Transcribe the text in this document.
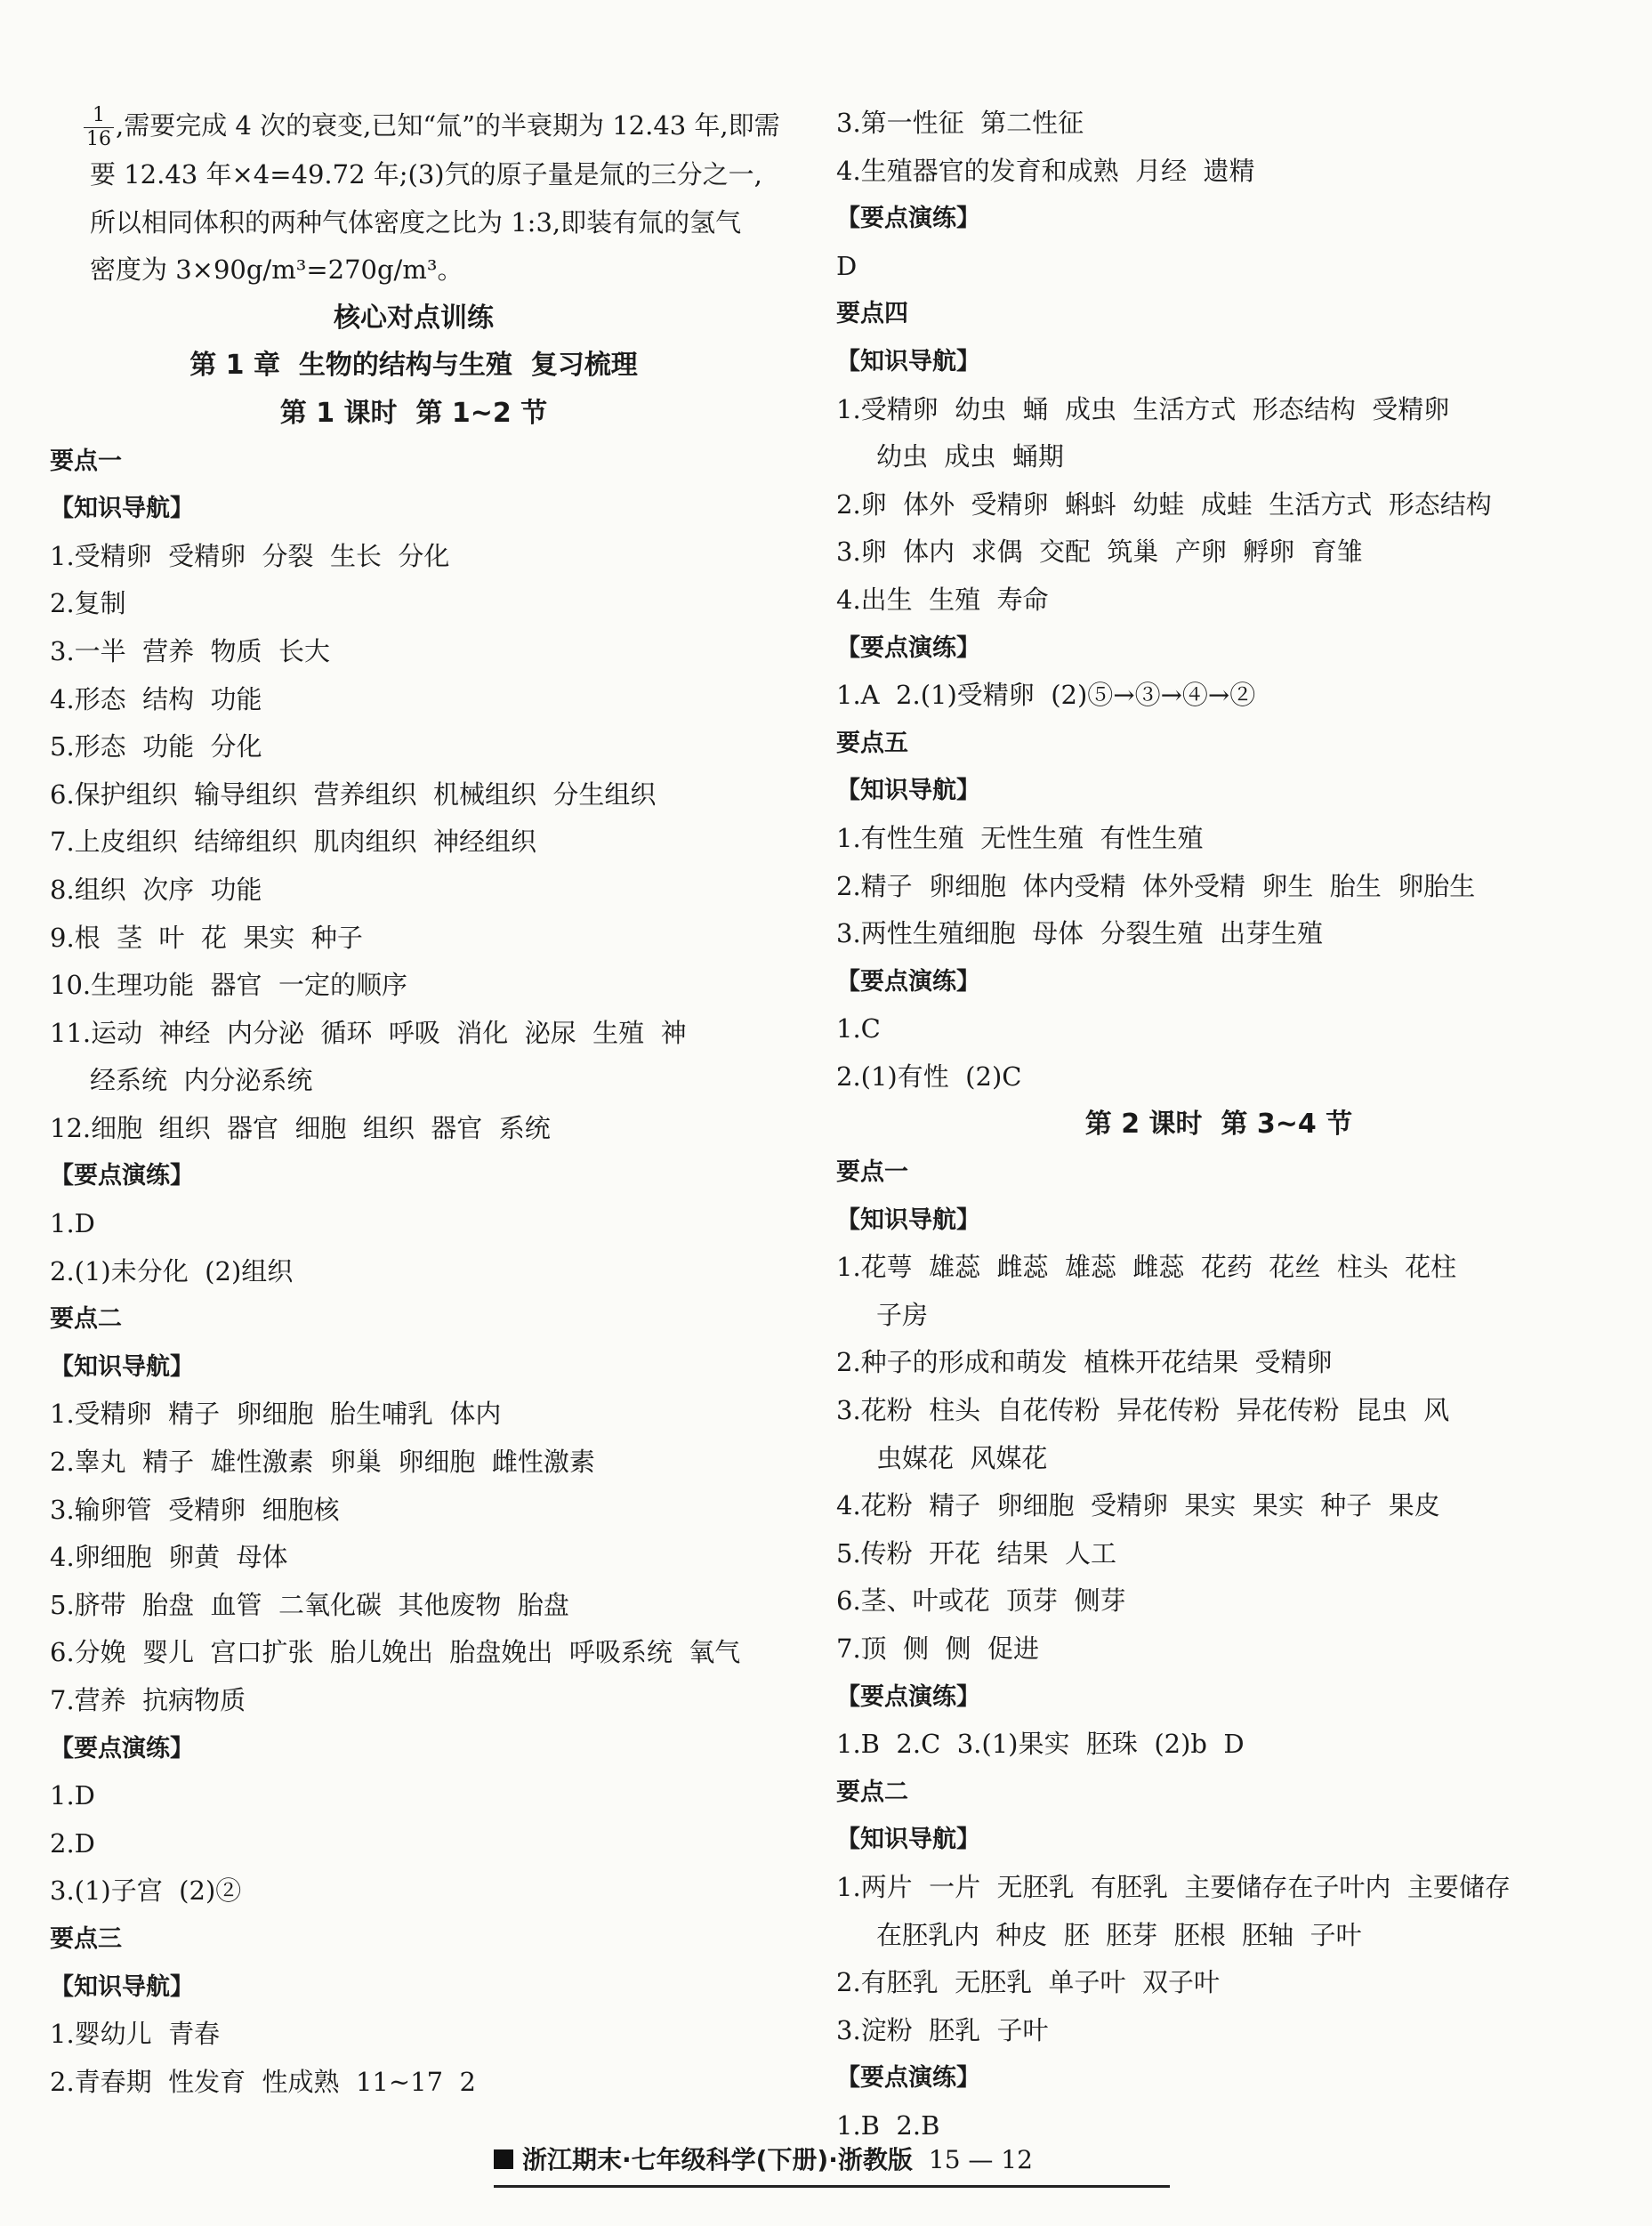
$\frac{1}{16}$ ,需要完成 4 次的衰变,已知“氚”的半衰期为 12.43 年,即需
要 12.43 年×4=49.72 年;(3)氕的原子量是氚的三分之一,
所以相同体积的两种气体密度之比为 1:3,即装有氚的氢气
密度为 3×90g/m³=270g/m³。
核心对点训练
第 1 章  生物的结构与生殖  复习梳理
第 1 课时  第 1~2 节
要点一
【知识导航】
1.受精卵  受精卵  分裂  生长  分化
2.复制
3.一半  营养  物质  长大
4.形态  结构  功能
5.形态  功能  分化
6.保护组织  输导组织  营养组织  机械组织  分生组织
7.上皮组织  结缔组织  肌肉组织  神经组织
8.组织  次序  功能
9.根  茎  叶  花  果实  种子
10.生理功能  器官  一定的顺序
11.运动  神经  内分泌  循环  呼吸  消化  泌尿  生殖  神
经系统  内分泌系统
12.细胞  组织  器官  细胞  组织  器官  系统
【要点演练】
1.D
2.(1)未分化  (2)组织
要点二
【知识导航】
1.受精卵  精子  卵细胞  胎生哺乳  体内
2.睾丸  精子  雄性激素  卵巢  卵细胞  雌性激素
3.输卵管  受精卵  细胞核
4.卵细胞  卵黄  母体
5.脐带  胎盘  血管  二氧化碳  其他废物  胎盘
6.分娩  婴儿  宫口扩张  胎儿娩出  胎盘娩出  呼吸系统  氧气
7.营养  抗病物质
【要点演练】
1.D
2.D
3.(1)子宫  (2)②
要点三
【知识导航】
1.婴幼儿  青春
2.青春期  性发育  性成熟  11~17  2
3.第一性征  第二性征
4.生殖器官的发育和成熟  月经  遗精
【要点演练】
D
要点四
【知识导航】
1.受精卵  幼虫  蛹  成虫  生活方式  形态结构  受精卵
幼虫  成虫  蛹期
2.卵  体外  受精卵  蝌蚪  幼蛙  成蛙  生活方式  形态结构
3.卵  体内  求偶  交配  筑巢  产卵  孵卵  育雏
4.出生  生殖  寿命
【要点演练】
1.A  2.(1)受精卵  (2)⑤→③→④→②
要点五
【知识导航】
1.有性生殖  无性生殖  有性生殖
2.精子  卵细胞  体内受精  体外受精  卵生  胎生  卵胎生
3.两性生殖细胞  母体  分裂生殖  出芽生殖
【要点演练】
1.C
2.(1)有性  (2)C
第 2 课时  第 3~4 节
要点一
【知识导航】
1.花萼  雄蕊  雌蕊  雄蕊  雌蕊  花药  花丝  柱头  花柱
子房
2.种子的形成和萌发  植株开花结果  受精卵
3.花粉  柱头  自花传粉  异花传粉  异花传粉  昆虫  风
虫媒花  风媒花
4.花粉  精子  卵细胞  受精卵  果实  果实  种子  果皮
5.传粉  开花  结果  人工
6.茎、叶或花  顶芽  侧芽
7.顶  侧  侧  促进
【要点演练】
1.B  2.C  3.(1)果实  胚珠  (2)b  D
要点二
【知识导航】
1.两片  一片  无胚乳  有胚乳  主要储存在子叶内  主要储存
在胚乳内  种皮  胚  胚芽  胚根  胚轴  子叶
2.有胚乳  无胚乳  单子叶  双子叶
3.淀粉  胚乳  子叶
【要点演练】
1.B  2.B
浙江期末·七年级科学(下册)·浙教版 15 — 12
